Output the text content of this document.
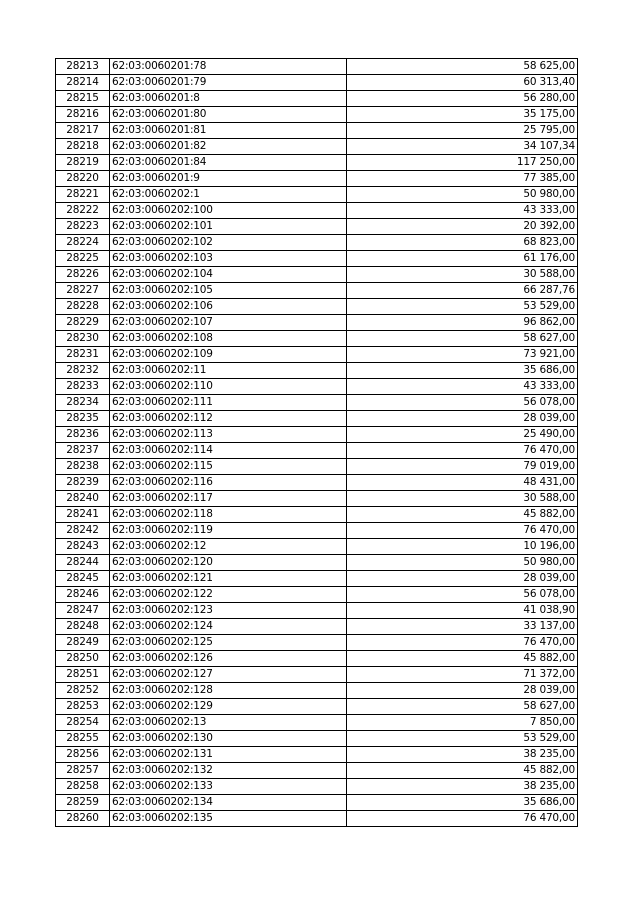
28213	62:03:0060201:78	58 625,00
28214	62:03:0060201:79	60 313,40
28215	62:03:0060201:8	56 280,00
28216	62:03:0060201:80	35 175,00
28217	62:03:0060201:81	25 795,00
28218	62:03:0060201:82	34 107,34
28219	62:03:0060201:84	117 250,00
28220	62:03:0060201:9	77 385,00
28221	62:03:0060202:1	50 980,00
28222	62:03:0060202:100	43 333,00
28223	62:03:0060202:101	20 392,00
28224	62:03:0060202:102	68 823,00
28225	62:03:0060202:103	61 176,00
28226	62:03:0060202:104	30 588,00
28227	62:03:0060202:105	66 287,76
28228	62:03:0060202:106	53 529,00
28229	62:03:0060202:107	96 862,00
28230	62:03:0060202:108	58 627,00
28231	62:03:0060202:109	73 921,00
28232	62:03:0060202:11	35 686,00
28233	62:03:0060202:110	43 333,00
28234	62:03:0060202:111	56 078,00
28235	62:03:0060202:112	28 039,00
28236	62:03:0060202:113	25 490,00
28237	62:03:0060202:114	76 470,00
28238	62:03:0060202:115	79 019,00
28239	62:03:0060202:116	48 431,00
28240	62:03:0060202:117	30 588,00
28241	62:03:0060202:118	45 882,00
28242	62:03:0060202:119	76 470,00
28243	62:03:0060202:12	10 196,00
28244	62:03:0060202:120	50 980,00
28245	62:03:0060202:121	28 039,00
28246	62:03:0060202:122	56 078,00
28247	62:03:0060202:123	41 038,90
28248	62:03:0060202:124	33 137,00
28249	62:03:0060202:125	76 470,00
28250	62:03:0060202:126	45 882,00
28251	62:03:0060202:127	71 372,00
28252	62:03:0060202:128	28 039,00
28253	62:03:0060202:129	58 627,00
28254	62:03:0060202:13	7 850,00
28255	62:03:0060202:130	53 529,00
28256	62:03:0060202:131	38 235,00
28257	62:03:0060202:132	45 882,00
28258	62:03:0060202:133	38 235,00
28259	62:03:0060202:134	35 686,00
28260	62:03:0060202:135	76 470,00
